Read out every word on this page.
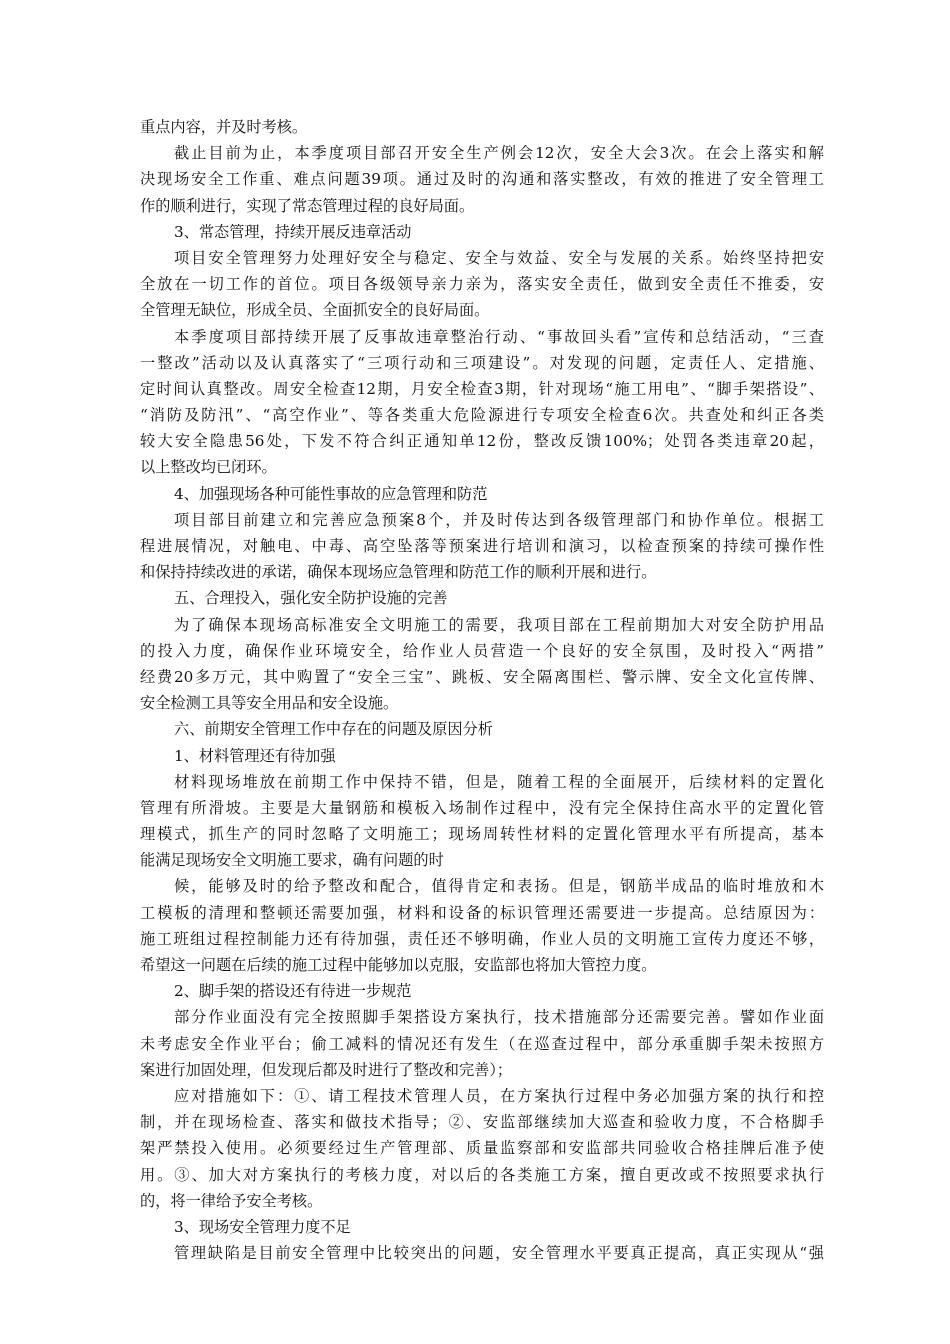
重点内容，并及时考核。
截止目前为止，本季度项目部召开安全生产例会12次，安全大会3次。在会上落实和解
决现场安全工作重、难点问题39项。通过及时的沟通和落实整改，有效的推进了安全管理工
作的顺利进行，实现了常态管理过程的良好局面。
3、常态管理，持续开展反违章活动
项目安全管理努力处理好安全与稳定、安全与效益、安全与发展的关系。始终坚持把安
全放在一切工作的首位。项目各级领导亲力亲为，落实安全责任，做到安全责任不推委，安
全管理无缺位，形成全员、全面抓安全的良好局面。
本季度项目部持续开展了反事故违章整治行动、“事故回头看”宣传和总结活动，“三查
一整改”活动以及认真落实了“三项行动和三项建设”。对发现的问题，定责任人、定措施、
定时间认真整改。周安全检查12期，月安全检查3期，针对现场“施工用电”、“脚手架搭设”、
“消防及防汛”、“高空作业”、等各类重大危险源进行专项安全检查6次。共查处和纠正各类
较大安全隐患56处，下发不符合纠正通知单12份，整改反馈100%；处罚各类违章20起，
以上整改均已闭环。
4、加强现场各种可能性事故的应急管理和防范
项目部目前建立和完善应急预案8个，并及时传达到各级管理部门和协作单位。根据工
程进展情况，对触电、中毒、高空坠落等预案进行培训和演习，以检查预案的持续可操作性
和保持持续改进的承诺，确保本现场应急管理和防范工作的顺利开展和进行。
五、合理投入，强化安全防护设施的完善
为了确保本现场高标准安全文明施工的需要，我项目部在工程前期加大对安全防护用品
的投入力度，确保作业环境安全，给作业人员营造一个良好的安全氛围，及时投入“两措”
经费20多万元，其中购置了“安全三宝”、跳板、安全隔离围栏、警示牌、安全文化宣传牌、
安全检测工具等安全用品和安全设施。
六、前期安全管理工作中存在的问题及原因分析
1、材料管理还有待加强
材料现场堆放在前期工作中保持不错，但是，随着工程的全面展开，后续材料的定置化
管理有所滑坡。主要是大量钢筋和模板入场制作过程中，没有完全保持住高水平的定置化管
理模式，抓生产的同时忽略了文明施工；现场周转性材料的定置化管理水平有所提高，基本
能满足现场安全文明施工要求，确有问题的时
候，能够及时的给予整改和配合，值得肯定和表扬。但是，钢筋半成品的临时堆放和木
工模板的清理和整顿还需要加强，材料和设备的标识管理还需要进一步提高。总结原因为：
施工班组过程控制能力还有待加强，责任还不够明确，作业人员的文明施工宣传力度还不够，
希望这一问题在后续的施工过程中能够加以克服，安监部也将加大管控力度。
2、脚手架的搭设还有待进一步规范
部分作业面没有完全按照脚手架搭设方案执行，技术措施部分还需要完善。譬如作业面
未考虑安全作业平台；偷工减料的情况还有发生（在巡查过程中，部分承重脚手架未按照方
案进行加固处理，但发现后都及时进行了整改和完善）；
应对措施如下：①、请工程技术管理人员，在方案执行过程中务必加强方案的执行和控
制，并在现场检查、落实和做技术指导；②、安监部继续加大巡查和验收力度，不合格脚手
架严禁投入使用。必须要经过生产管理部、质量监察部和安监部共同验收合格挂牌后准予使
用。③、加大对方案执行的考核力度，对以后的各类施工方案，擅自更改或不按照要求执行
的，将一律给予安全考核。
3、现场安全管理力度不足
管理缺陷是目前安全管理中比较突出的问题，安全管理水平要真正提高，真正实现从“强
